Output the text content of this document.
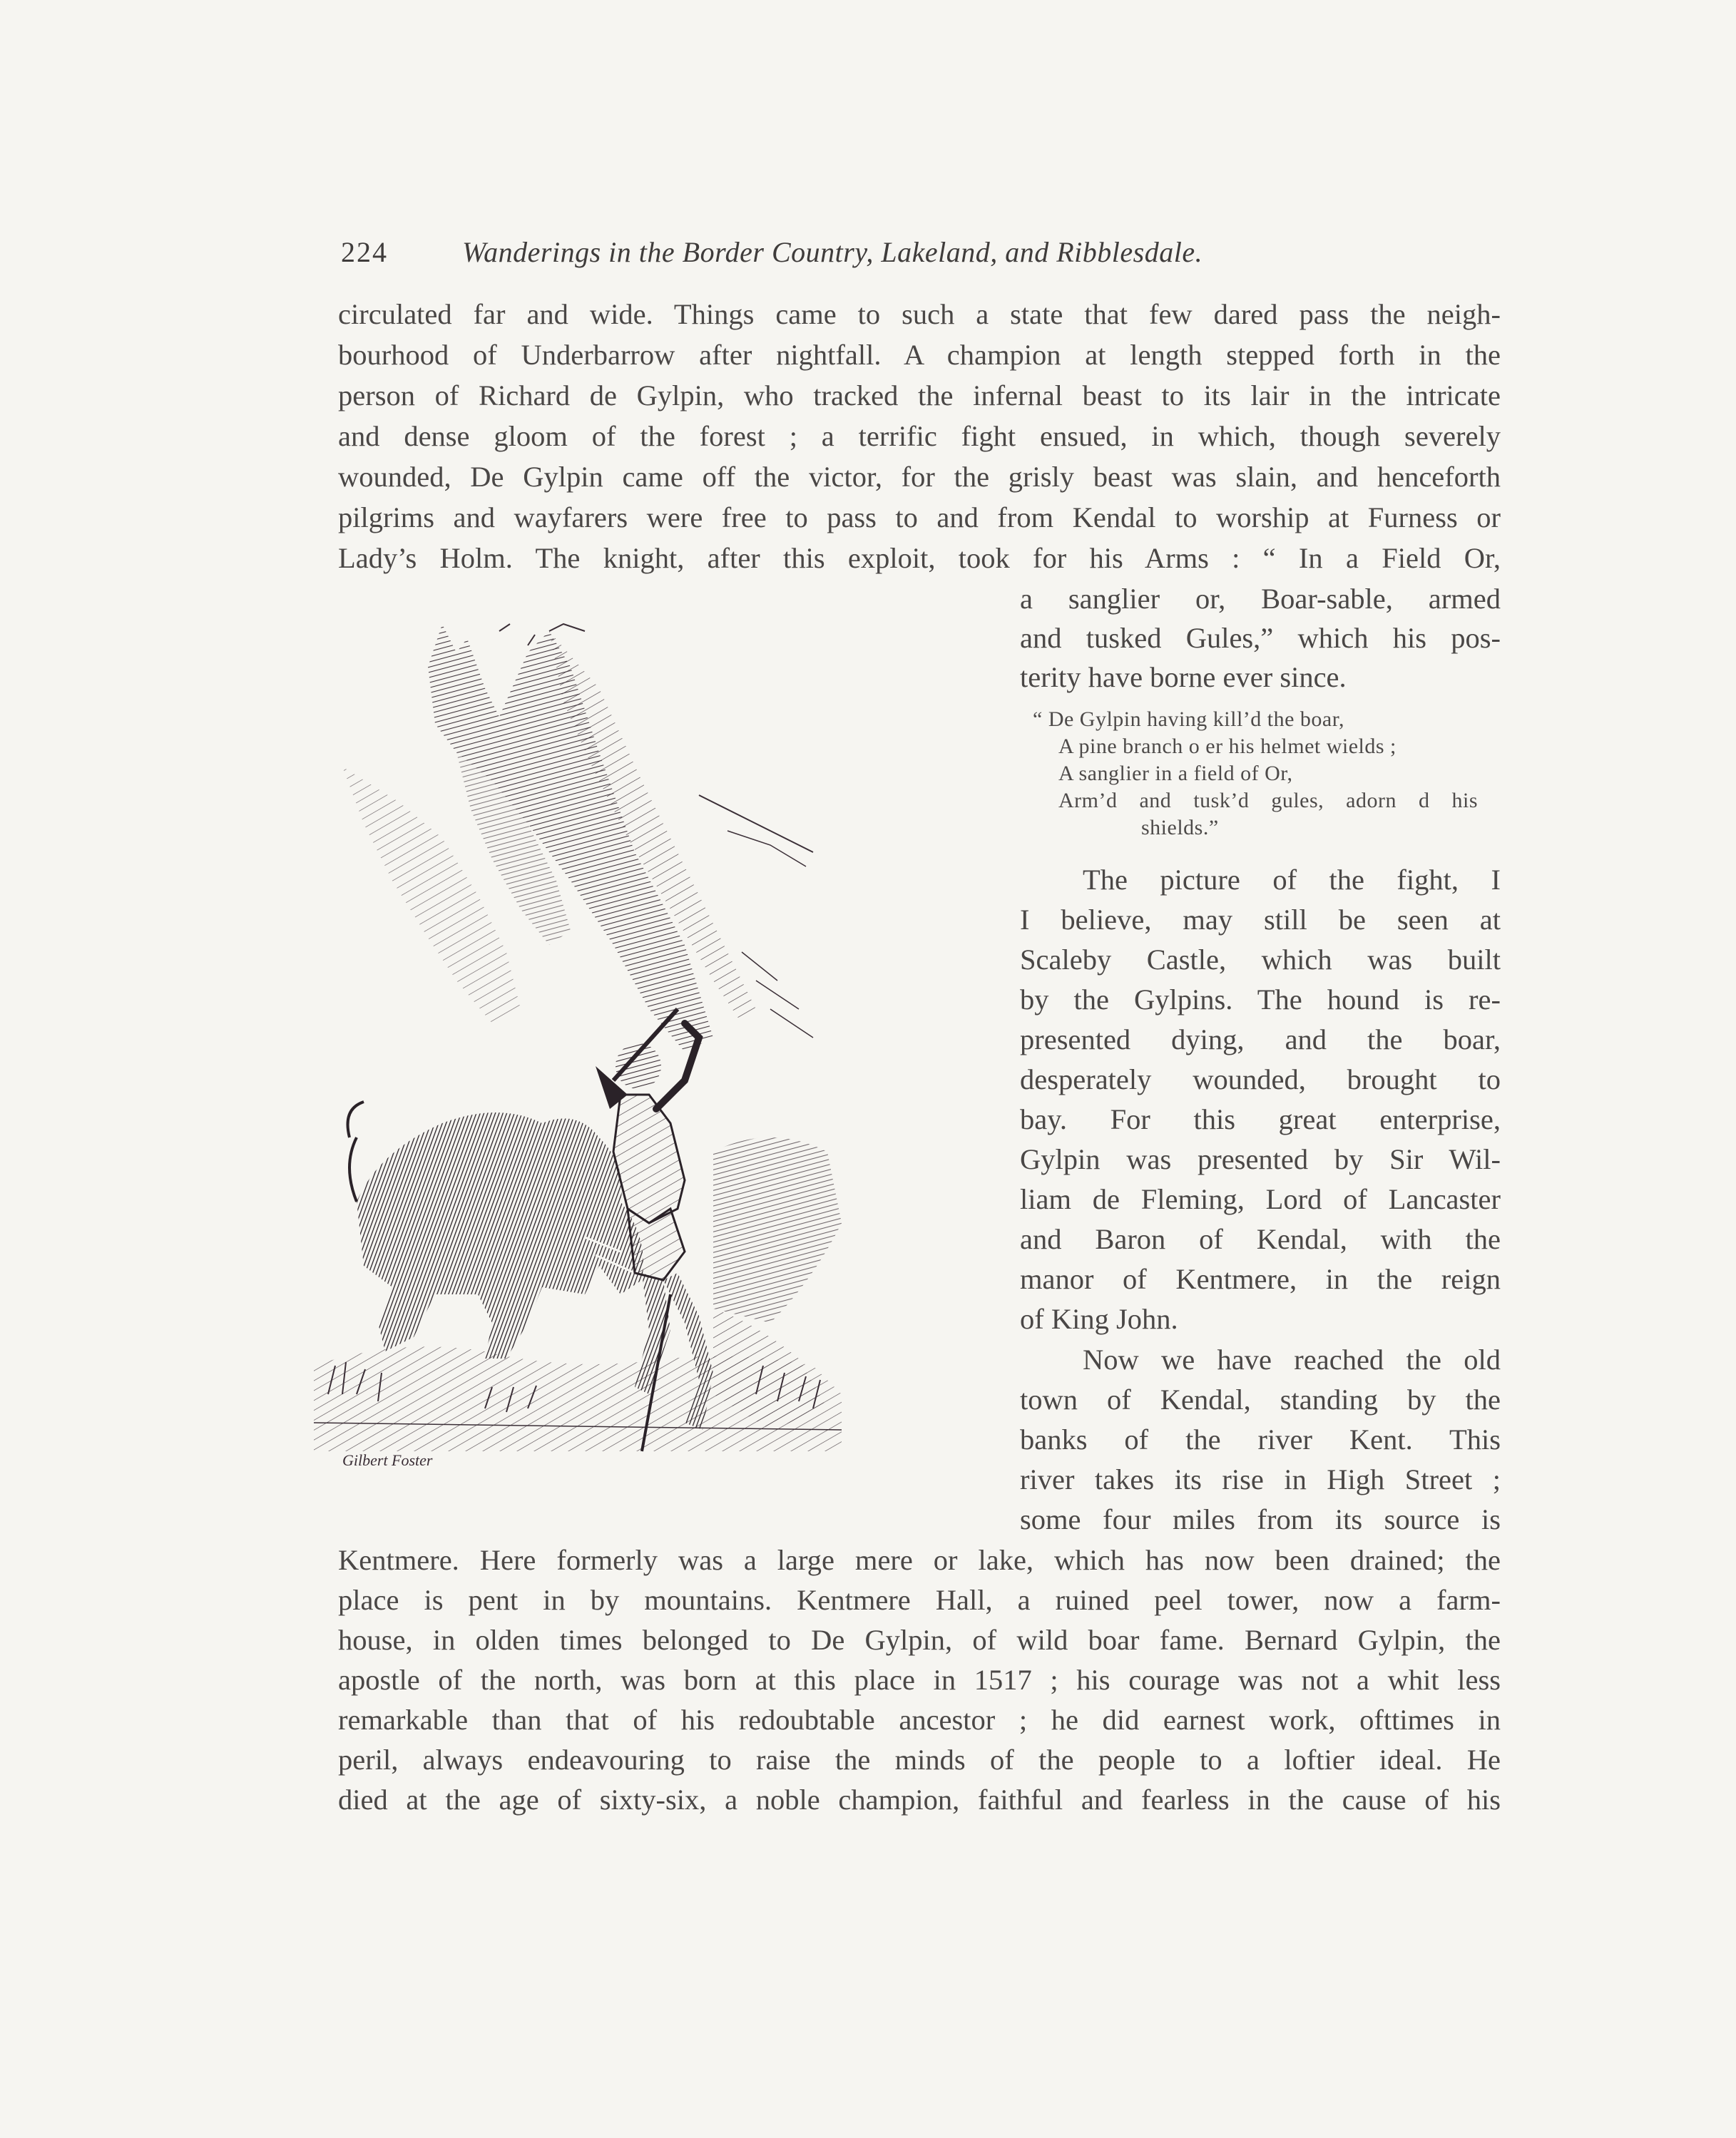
224	Wanderings in the Border Country, Lakeland, and Ribblesdale.
circulated far and wide. Things came to such a state that few dared pass the neigh-
bourhood of Underbarrow after nightfall. A champion at length stepped forth in the
person of Richard de Gylpin, who tracked the infernal beast to its lair in the intricate
and dense gloom of the forest ; a terrific fight ensued, in which, though severely
wounded, De Gylpin came off the victor, for the grisly beast was slain, and henceforth
pilgrims and wayfarers were free to pass to and from Kendal to worship at Furness or
Lady’s Holm. The knight, after this exploit, took for his Arms : “ In a Field Or,
a sanglier or, Boar-sable, armed
and tusked Gules,” which his pos-
terity have borne ever since.
“ De Gylpin having kill’d the boar,
A pine branch o er his helmet wields ;
A sanglier in a field of Or,
Arm’d and tusk’d gules, adorn d his
shields.”
The picture of the fight, I
I believe, may still be seen at
Scaleby Castle, which was built
by the Gylpins. The hound is re-
presented dying, and the boar,
desperately wounded, brought to
bay. For this great enterprise,
Gylpin was presented by Sir Wil-
liam de Fleming, Lord of Lancaster
and Baron of Kendal, with the
manor of Kentmere, in the reign
of King John.
Now we have reached the old
town of Kendal, standing by the
banks of the river Kent. This
river takes its rise in High Street ;
some four miles from its source is
Kentmere. Here formerly was a large mere or lake, which has now been drained; the
place is pent in by mountains. Kentmere Hall, a ruined peel tower, now a farm-
house, in olden times belonged to De Gylpin, of wild boar fame. Bernard Gylpin, the
apostle of the north, was born at this place in 1517 ; his courage was not a whit less
remarkable than that of his redoubtable ancestor ; he did earnest work, ofttimes in
peril, always endeavouring to raise the minds of the people to a loftier ideal. He
died at the age of sixty-six, a noble champion, faithful and fearless in the cause of his
Gilbert Foster
